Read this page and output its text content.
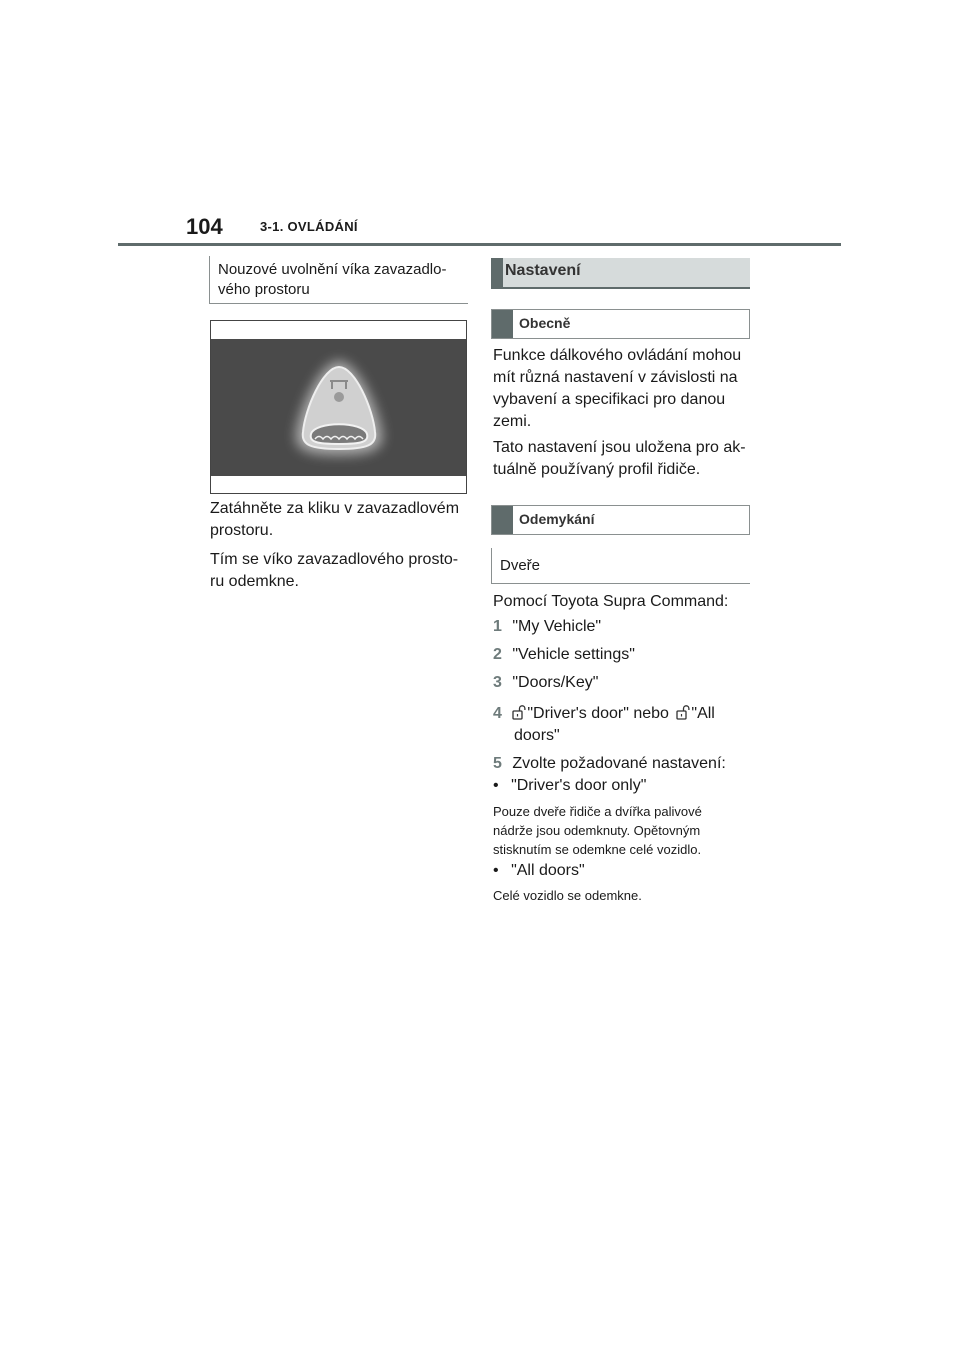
104	3-1. OVLÁDÁNÍ
Nouzové uvolnění víka zavazadlo-
vého prostoru
Zatáhněte za kliku v zavazadlovém
prostoru.
Tím se víko zavazadlového prosto-
ru odemkne.
Nastavení
Obecně
Funkce dálkového ovládání mohou
mít různá nastavení v závislosti na
vybavení a specifikaci pro danou
zemi.
Tato nastavení jsou uložena pro ak-
tuálně používaný profil řidiče.
Odemykání
Dveře
Pomocí Toyota Supra Command:
1 "My Vehicle"
2 "Vehicle settings"
3 "Doors/Key"
4 "Driver's door" nebo "All
doors"
5 Zvolte požadované nastavení:
• "Driver's door only"
Pouze dveře řidiče a dvířka palivové
nádrže jsou odemknuty. Opětovným
stisknutím se odemkne celé vozidlo.
• "All doors"
Celé vozidlo se odemkne.
